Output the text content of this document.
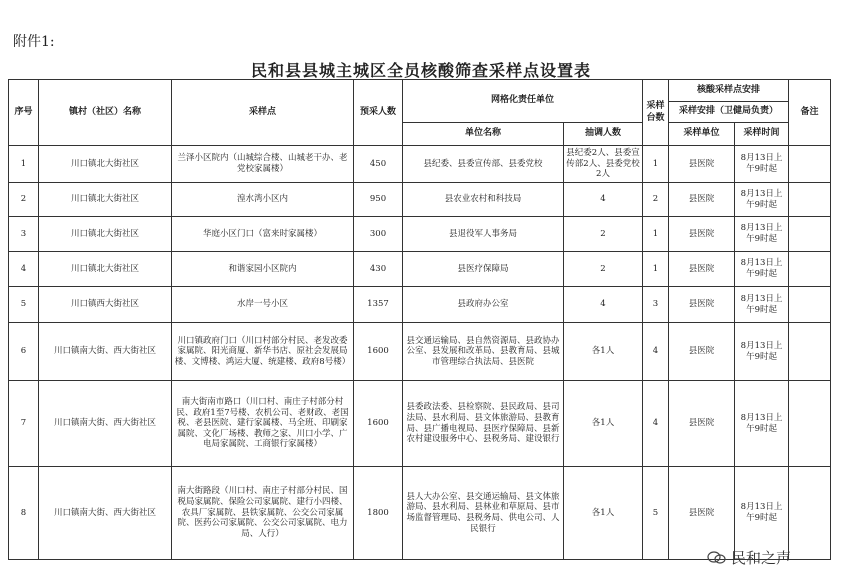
附件1:
民和县县城主城区全员核酸筛查采样点设置表
序号	镇村（社区）名称	采样点	预采人数	网格化责任单位		采样台数	核酸采样点安排		备注
							采样安排（卫健局负责）		
				单位名称	抽调人数		采样单位	采样时间	
1	川口镇北大街社区	兰泽小区院内（山城综合楼、山城老干办、老党校家属楼）	450	县纪委、县委宣传部、县委党校	县纪委2人、县委宣传部2人、县委党校2人	1	县医院	8月13日上午9时起	
2	川口镇北大街社区	湟水湾小区内	950	县农业农村和科技局	4	2	县医院	8月13日上午9时起	
3	川口镇北大街社区	华庭小区门口（富来时家属楼）	300	县退役军人事务局	2	1	县医院	8月13日上午9时起	
4	川口镇北大街社区	和谐家园小区院内	430	县医疗保障局	2	1	县医院	8月13日上午9时起	
5	川口镇西大街社区	水岸一号小区	1357	县政府办公室	4	3	县医院	8月13日上午9时起	
6	川口镇南大街、西大街社区	川口镇政府门口（川口村部分村民、老发改委家属院、阳光商厦、新华书店、原社会发展局楼、文博楼、鸿运大厦、统建楼、政府8号楼）	1600	县交通运输局、县自然资源局、县政协办公室、县发展和改革局、县教育局、县城市管理综合执法局、县医院	各1人	4	县医院	8月13日上午9时起	
7	川口镇南大街、西大街社区	南大街南市路口（川口村、南庄子村部分村民、政府1至7号楼、农机公司、老财政、老国税、老县医院、建行家属楼、马全班、印刷家属院、文化厂场楼、教师之家、川口小学、广电局家属院、工商银行家属楼）	1600	县委政法委、县检察院、县民政局、县司法局、县水利局、县文体旅游局、县教育局、县广播电视局、县医疗保障局、县新农村建设服务中心、县税务局、建设银行	各1人	4	县医院	8月13日上午9时起	
8	川口镇南大街、西大街社区	南大街路段（川口村、南庄子村部分村民、国税局家属院、保险公司家属院、建行小四楼、农具厂家属院、县铁家属院、公交公司家属院、医药公司家属院、公交公司家属院、电力局、人行）	1800	县人大办公室、县交通运输局、县文体旅游局、县水利局、县林业和草原局、县市场监督管理局、县税务局、供电公司、人民银行	各1人	5	县医院	8月13日上午9时起	
民和之声
